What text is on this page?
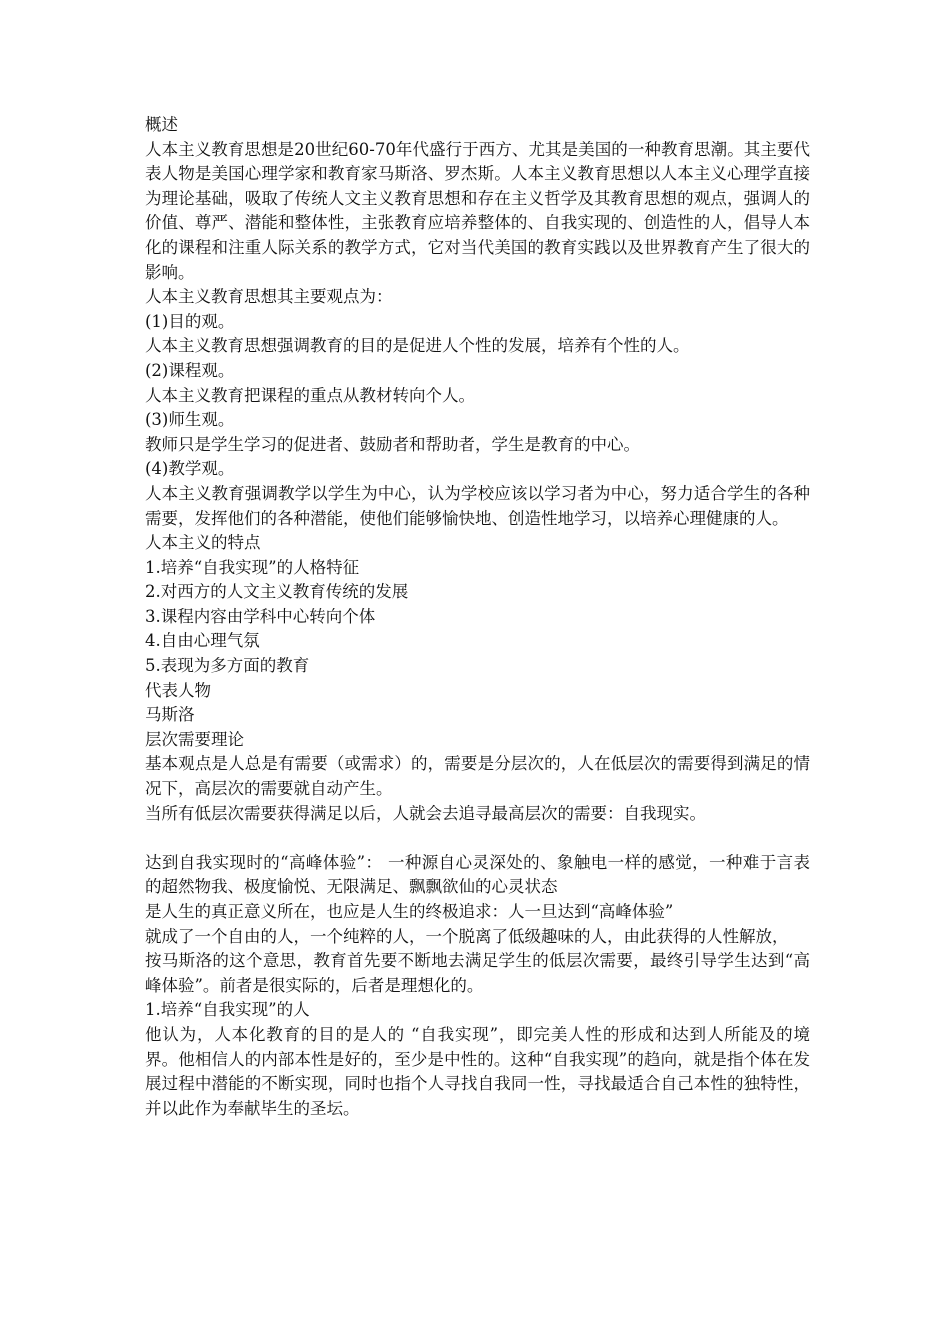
概述

人本主义教育思想是20世纪60-70年代盛行于西方、尤其是美国的一种教育思潮。其主要代表人物是美国心理学家和教育家马斯洛、罗杰斯。人本主义教育思想以人本主义心理学直接为理论基础，吸取了传统人文主义教育思想和存在主义哲学及其教育思想的观点，强调人的价值、尊严、潜能和整体性，主张教育应培养整体的、自我实现的、创造性的人，倡导人本化的课程和注重人际关系的教学方式，它对当代美国的教育实践以及世界教育产生了很大的影响。

人本主义教育思想其主要观点为：

(1)目的观。

人本主义教育思想强调教育的目的是促进人个性的发展，培养有个性的人。

(2)课程观。

人本主义教育把课程的重点从教材转向个人。

(3)师生观。

教师只是学生学习的促进者、鼓励者和帮助者，学生是教育的中心。

(4)教学观。

人本主义教育强调教学以学生为中心，认为学校应该以学习者为中心，努力适合学生的各种需要，发挥他们的各种潜能，使他们能够愉快地、创造性地学习，以培养心理健康的人。

人本主义的特点

1.培养“自我实现”的人格特征

2.对西方的人文主义教育传统的发展

3.课程内容由学科中心转向个体

4.自由心理气氛

5.表现为多方面的教育

代表人物

马斯洛

层次需要理论

基本观点是人总是有需要（或需求）的，需要是分层次的，人在低层次的需要得到满足的情况下，高层次的需要就自动产生。

当所有低层次需要获得满足以后，人就会去追寻最高层次的需要：自我现实。

达到自我实现时的“高峰体验”： 一种源自心灵深处的、象触电一样的感觉，一种难于言表的超然物我、极度愉悦、无限满足、飘飘欲仙的心灵状态

是人生的真正意义所在，也应是人生的终极追求：人一旦达到“高峰体验”

就成了一个自由的人，一个纯粹的人，一个脱离了低级趣味的人，由此获得的人性解放，

按马斯洛的这个意思，教育首先要不断地去满足学生的低层次需要，最终引导学生达到“高峰体验”。前者是很实际的，后者是理想化的。

1.培养“自我实现”的人

他认为，人本化教育的目的是人的 “自我实现”，即完美人性的形成和达到人所能及的境界。他相信人的内部本性是好的，至少是中性的。这种“自我实现”的趋向，就是指个体在发展过程中潜能的不断实现，同时也指个人寻找自我同一性，寻找最适合自己本性的独特性，并以此作为奉献毕生的圣坛。
